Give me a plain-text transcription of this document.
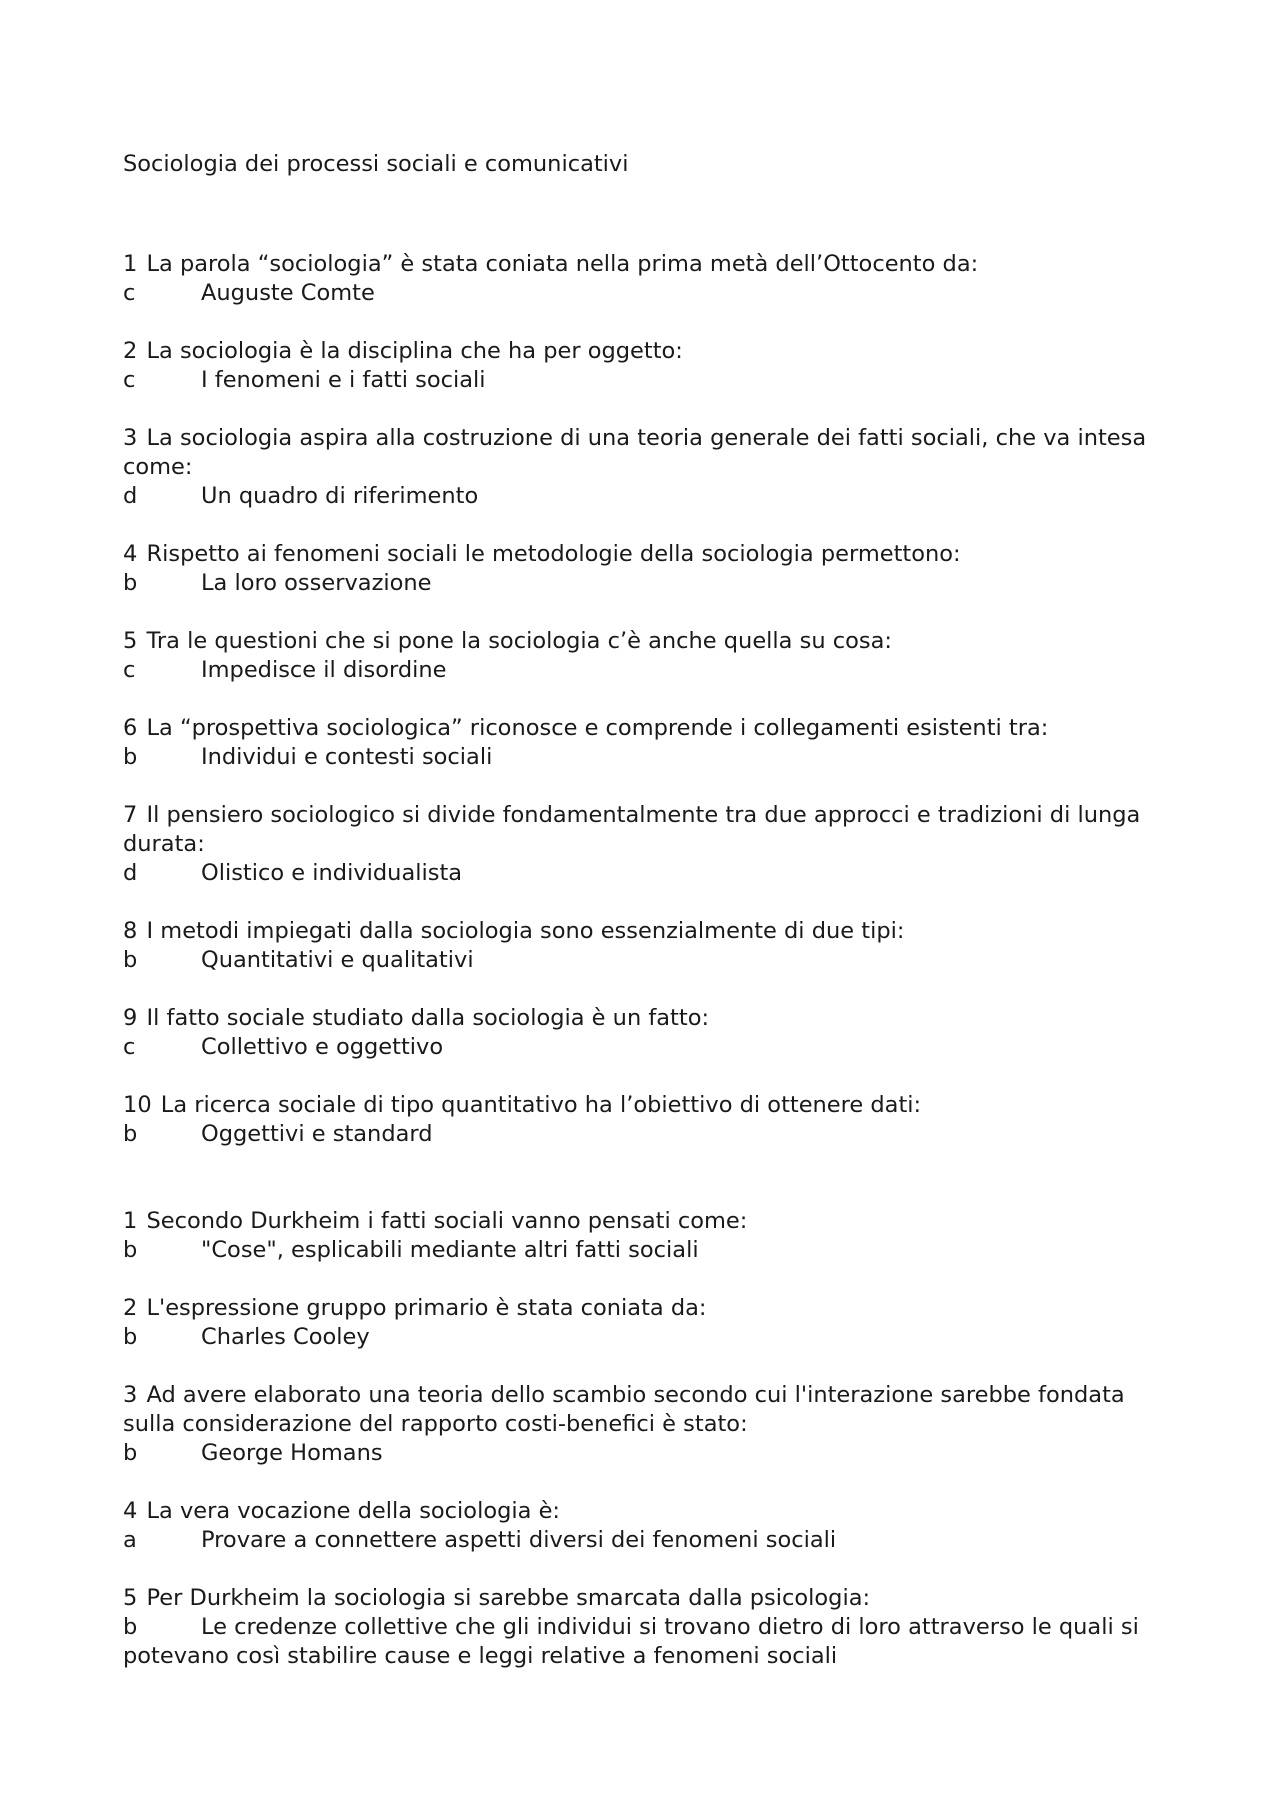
Sociologia dei processi sociali e comunicativi

1 La parola “sociologia” è stata coniata nella prima metà dell’Ottocento da:

c	Auguste Comte

2 La sociologia è la disciplina che ha per oggetto:

c	I fenomeni e i fatti sociali

3 La sociologia aspira alla costruzione di una teoria generale dei fatti sociali, che va intesa come:

d	Un quadro di riferimento

4 Rispetto ai fenomeni sociali le metodologie della sociologia permettono:

b	La loro osservazione

5 Tra le questioni che si pone la sociologia c’è anche quella su cosa:

c	Impedisce il disordine

6 La “prospettiva sociologica” riconosce e comprende i collegamenti esistenti tra:

b	Individui e contesti sociali

7 Il pensiero sociologico si divide fondamentalmente tra due approcci e tradizioni di lunga durata:

d	Olistico e individualista

8 I metodi impiegati dalla sociologia sono essenzialmente di due tipi:

b	Quantitativi e qualitativi

9 Il fatto sociale studiato dalla sociologia è un fatto:

c	Collettivo e oggettivo

10 La ricerca sociale di tipo quantitativo ha l’obiettivo di ottenere dati:

b	Oggettivi e standard

1 Secondo Durkheim i fatti sociali vanno pensati come:

b	"Cose", esplicabili mediante altri fatti sociali

2 L'espressione gruppo primario è stata coniata da:

b	Charles Cooley

3 Ad avere elaborato una teoria dello scambio secondo cui l'interazione sarebbe fondata sulla considerazione del rapporto costi-benefici è stato:

b	George Homans

4 La vera vocazione della sociologia è:

a	Provare a connettere aspetti diversi dei fenomeni sociali

5 Per Durkheim la sociologia si sarebbe smarcata dalla psicologia:

b	Le credenze collettive che gli individui si trovano dietro di loro attraverso le quali si potevano così stabilire cause e leggi relative a fenomeni sociali
